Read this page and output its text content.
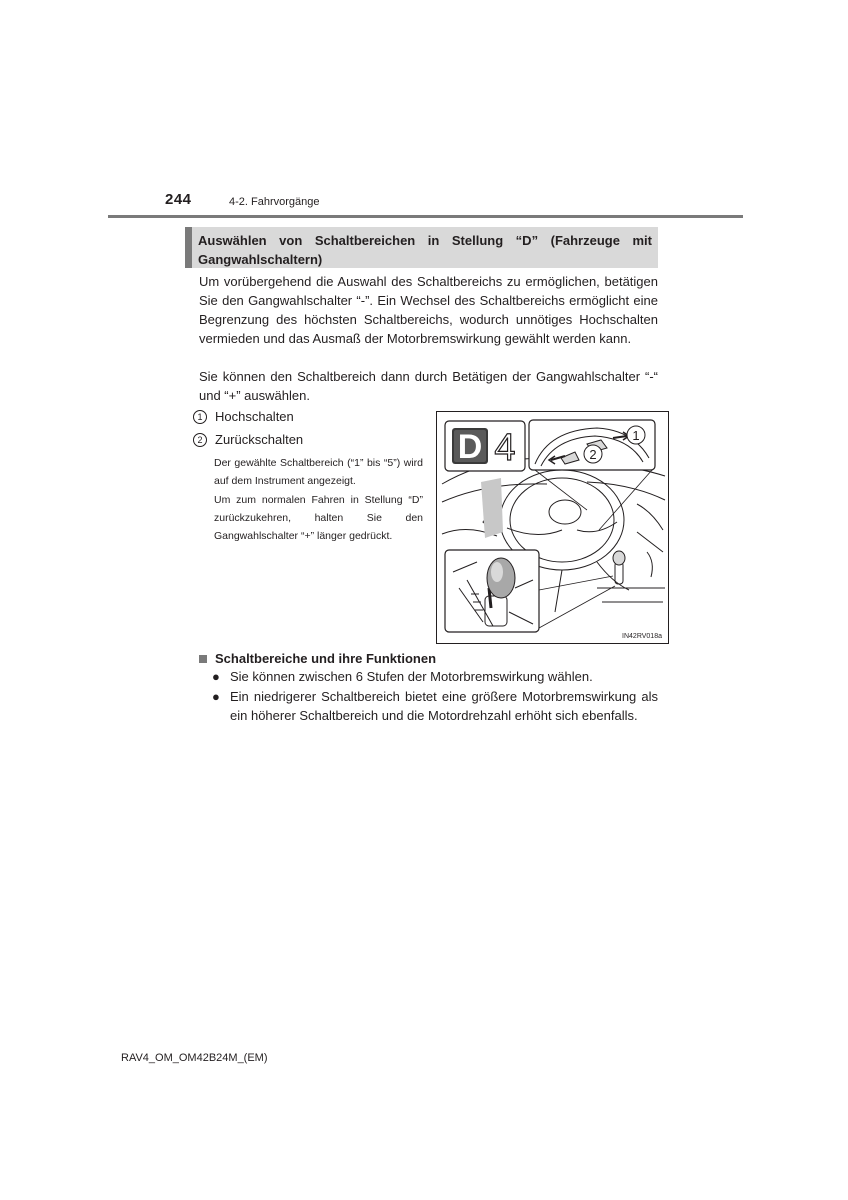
244	4-2. Fahrvorgänge
Auswählen von Schaltbereichen in Stellung “D” (Fahrzeuge mit Gangwahlschaltern)

Um vorübergehend die Auswahl des Schaltbereichs zu ermöglichen, betätigen Sie den Gangwahlschalter “-”. Ein Wechsel des Schaltbereichs ermöglicht eine Begrenzung des höchsten Schaltbereichs, wodurch unnötiges Hochschalten vermieden und das Ausmaß der Motorbremswirkung gewählt werden kann.

Sie können den Schaltbereich dann durch Betätigen der Gangwahlschalter “-“ und “+” auswählen.

1 Hochschalten
2 Zurückschalten

Der gewählte Schaltbereich (“1” bis “5”) wird auf dem Instrument angezeigt.

Um zum normalen Fahren in Stellung “D” zurückzukehren, halten Sie den Gangwahlschalter “+” länger gedrückt.

D 4	1
2
IN42RV018a
Schaltbereiche und ihre Funktionen
● Sie können zwischen 6 Stufen der Motorbremswirkung wählen.
● Ein niedrigerer Schaltbereich bietet eine größere Motorbremswirkung als ein höherer Schaltbereich und die Motordrehzahl erhöht sich ebenfalls.
RAV4_OM_OM42B24M_(EM)
